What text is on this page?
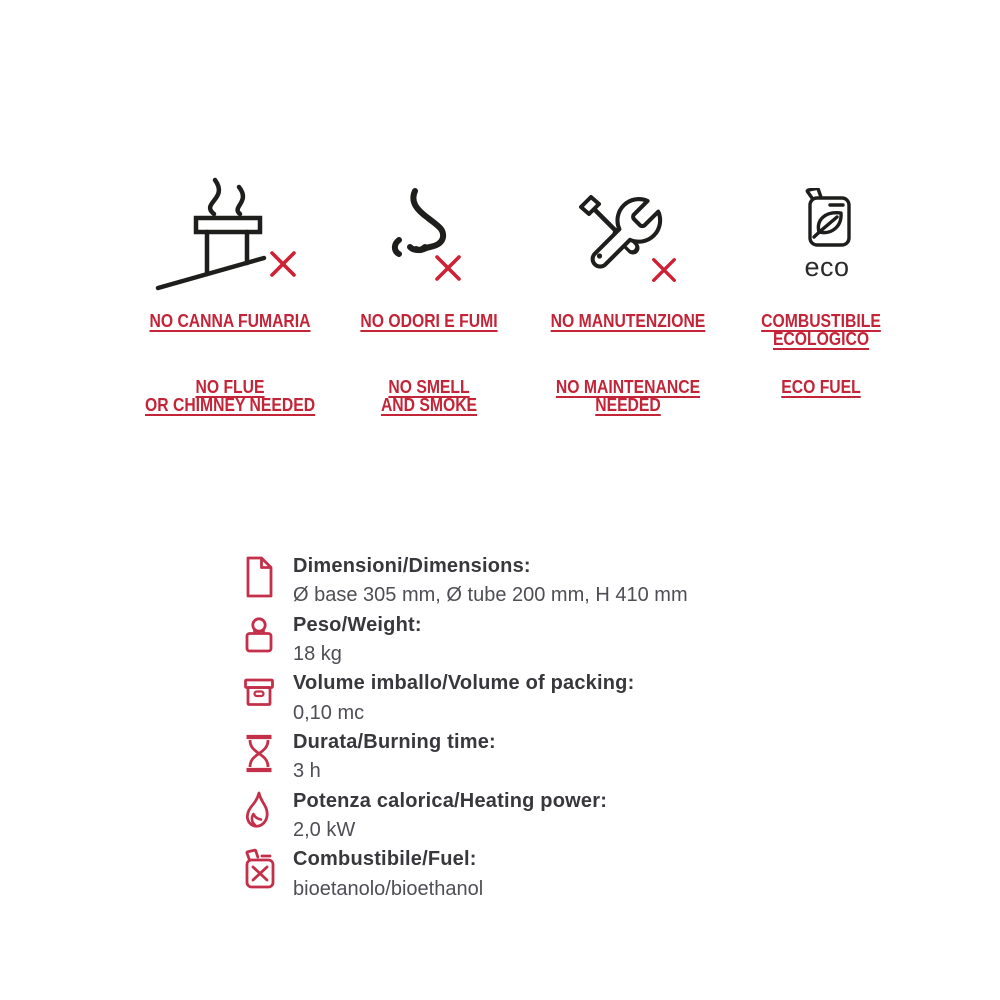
NO CANNA FUMARIA
NO FLUE
OR CHIMNEY NEEDED
NO ODORI E FUMI
NO SMELL
AND SMOKE
NO MANUTENZIONE
NO MAINTENANCE
NEEDED
eco
COMBUSTIBILE
ECOLOGICO
ECO FUEL
Dimensioni/Dimensions:
Ø base 305 mm, Ø tube 200 mm, H 410 mm
Peso/Weight:
18 kg
Volume imballo/Volume of packing:
0,10 mc
Durata/Burning time:
3 h
Potenza calorica/Heating power:
2,0 kW
Combustibile/Fuel:
bioetanolo/bioethanol
